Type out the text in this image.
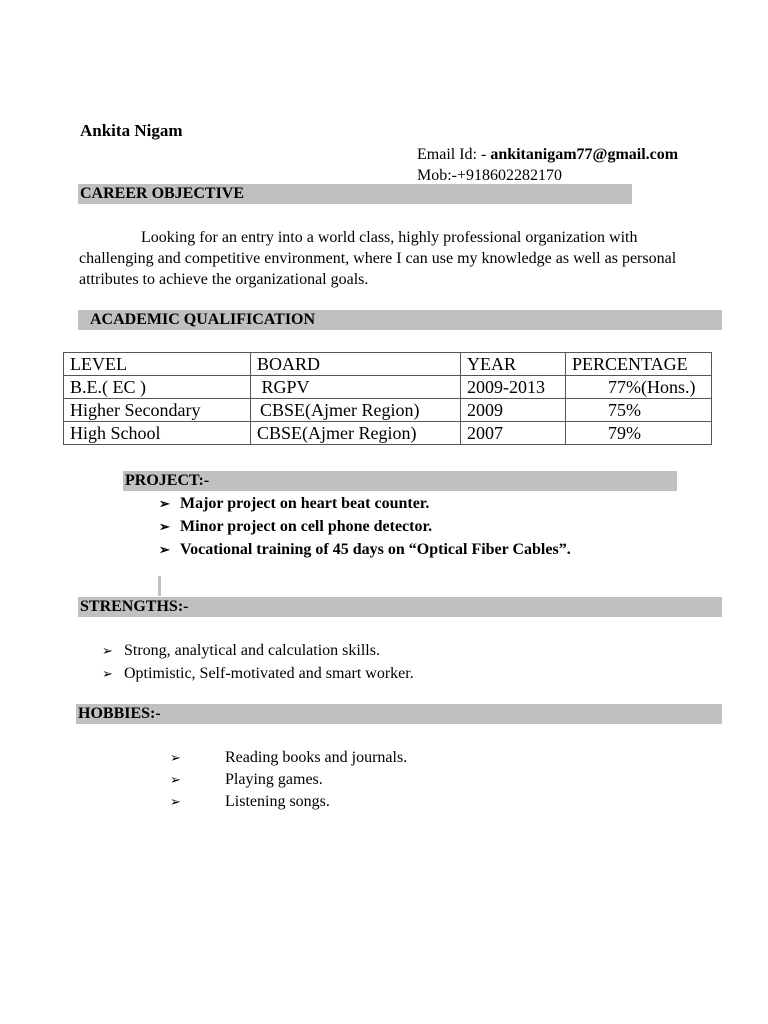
Ankita Nigam
Email Id: - ankitanigam77@gmail.com
Mob:-+918602282170
CAREER OBJECTIVE
Looking for an entry into a world class, highly professional organization with challenging and competitive environment, where I can use my knowledge as well as personal attributes to achieve the organizational goals.
ACADEMIC QUALIFICATION
LEVEL	BOARD	YEAR	PERCENTAGE
B.E.( EC )	RGPV	2009-2013	77%(Hons.)
Higher Secondary	CBSE(Ajmer Region)	2009	75%
High School	CBSE(Ajmer Region)	2007	79%
PROJECT:-
➢ Major project on heart beat counter.
➢ Minor project on cell phone detector.
➢ Vocational training of 45 days on “Optical Fiber Cables”.
STRENGTHS:-
➢ Strong, analytical and calculation skills.
➢ Optimistic, Self-motivated and smart worker.
HOBBIES:-
➢	Reading books and journals.
➢	Playing games.
➢	Listening songs.
